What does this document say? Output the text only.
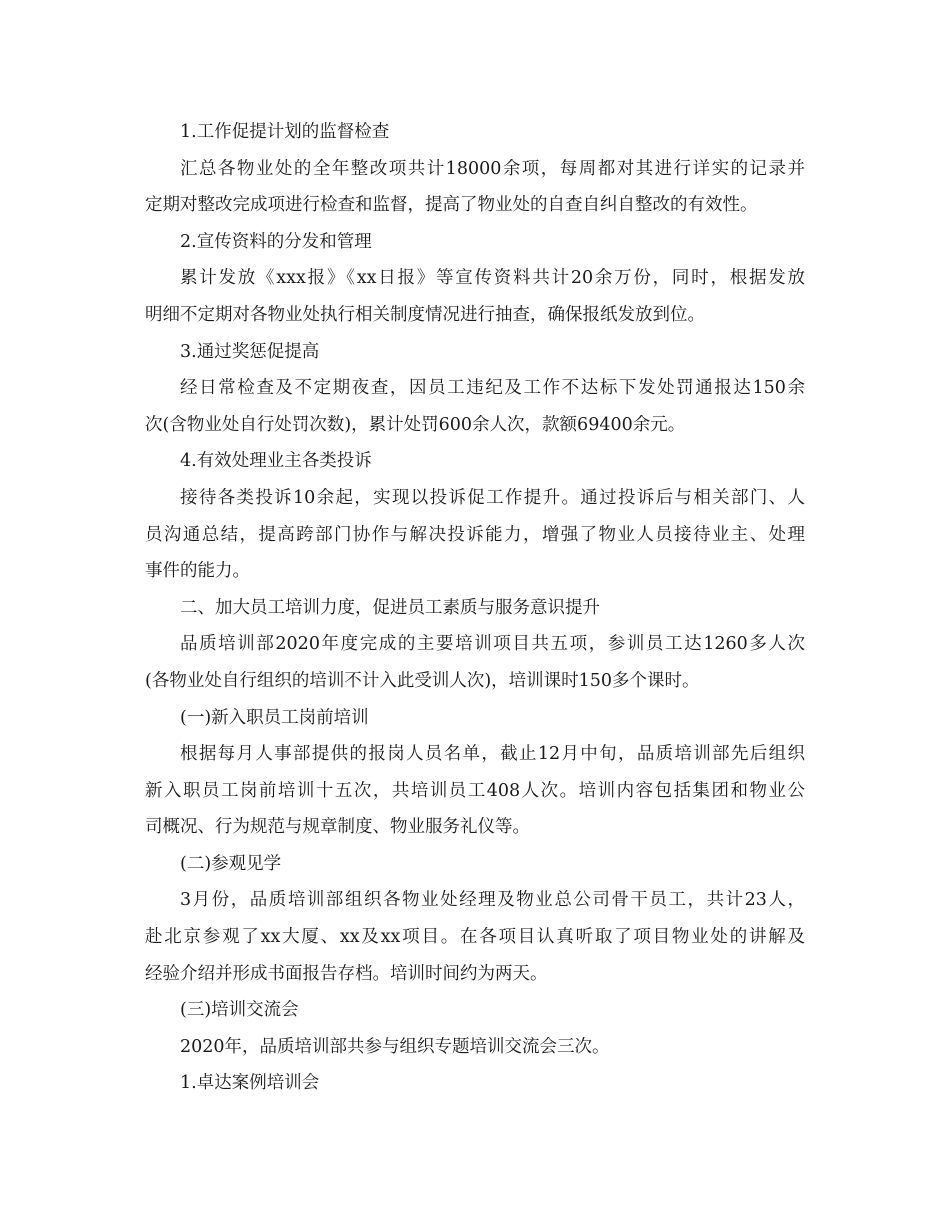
1.工作促提计划的监督检查
汇总各物业处的全年整改项共计18000余项，每周都对其进行详实的记录并
定期对整改完成项进行检查和监督，提高了物业处的自查自纠自整改的有效性。
2.宣传资料的分发和管理
累计发放《xxx报》《xx日报》等宣传资料共计20余万份，同时，根据发放
明细不定期对各物业处执行相关制度情况进行抽查，确保报纸发放到位。
3.通过奖惩促提高
经日常检查及不定期夜查，因员工违纪及工作不达标下发处罚通报达150余
次(含物业处自行处罚次数)，累计处罚600余人次，款额69400余元。
4.有效处理业主各类投诉
接待各类投诉10余起，实现以投诉促工作提升。通过投诉后与相关部门、人
员沟通总结，提高跨部门协作与解决投诉能力，增强了物业人员接待业主、处理
事件的能力。
二、加大员工培训力度，促进员工素质与服务意识提升
品质培训部2020年度完成的主要培训项目共五项，参训员工达1260多人次
(各物业处自行组织的培训不计入此受训人次)，培训课时150多个课时。
(一)新入职员工岗前培训
根据每月人事部提供的报岗人员名单，截止12月中旬，品质培训部先后组织
新入职员工岗前培训十五次，共培训员工408人次。培训内容包括集团和物业公
司概况、行为规范与规章制度、物业服务礼仪等。
(二)参观见学
3月份，品质培训部组织各物业处经理及物业总公司骨干员工，共计23人，
赴北京参观了xx大厦、xx及xx项目。在各项目认真听取了项目物业处的讲解及
经验介绍并形成书面报告存档。培训时间约为两天。
(三)培训交流会
2020年，品质培训部共参与组织专题培训交流会三次。
1.卓达案例培训会
